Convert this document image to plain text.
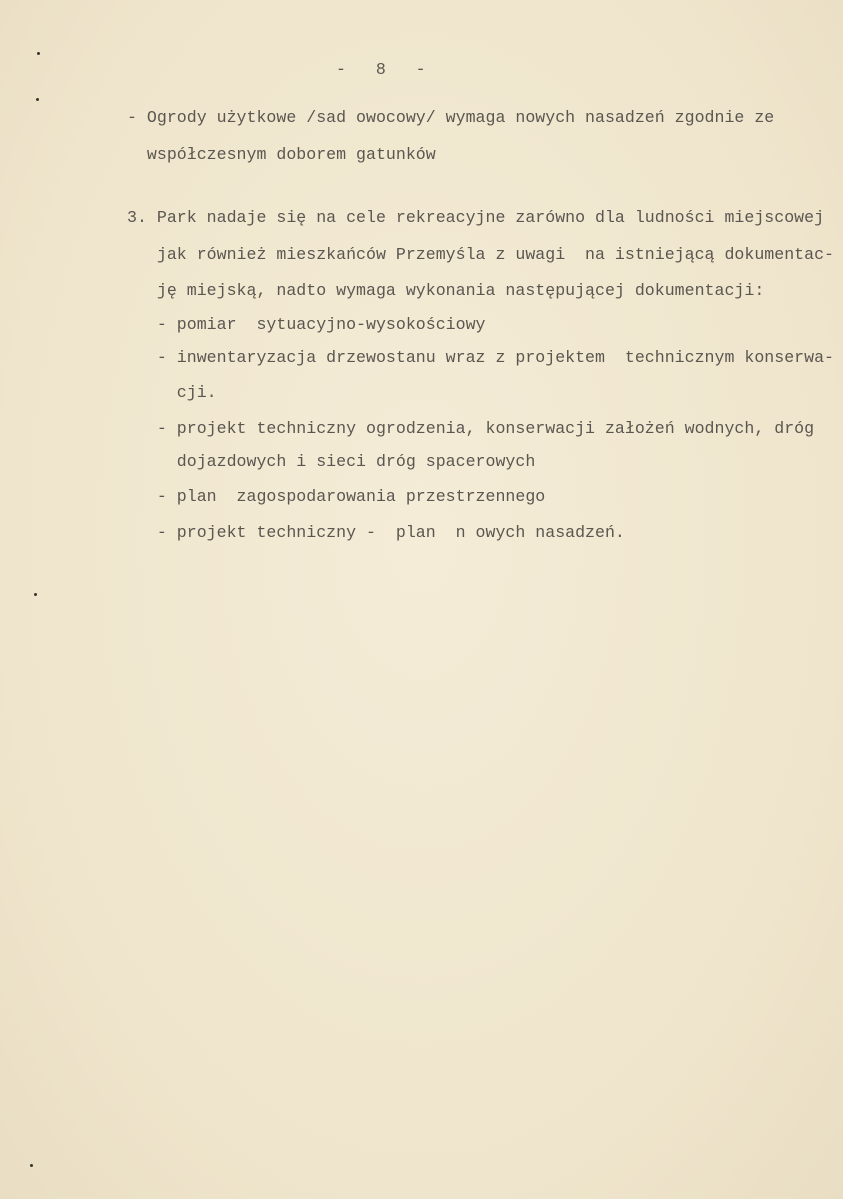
-   8   -
- Ogrody użytkowe /sad owocowy/ wymaga nowych nasadzeń zgodnie ze
współczesnym doborem gatunków
3. Park nadaje się na cele rekreacyjne zarówno dla ludności miejscowej
jak również mieszkańców Przemyśla z uwagi  na istniejącą dokumentac-
ję miejską, nadto wymaga wykonania następującej dokumentacji:
- pomiar  sytuacyjno-wysokościowy
- inwentaryzacja drzewostanu wraz z projektem  technicznym konserwa-
cji.
- projekt techniczny ogrodzenia, konserwacji założeń wodnych, dróg
dojazdowych i sieci dróg spacerowych
- plan  zagospodarowania przestrzennego
- projekt techniczny -  plan  n owych nasadzeń.
